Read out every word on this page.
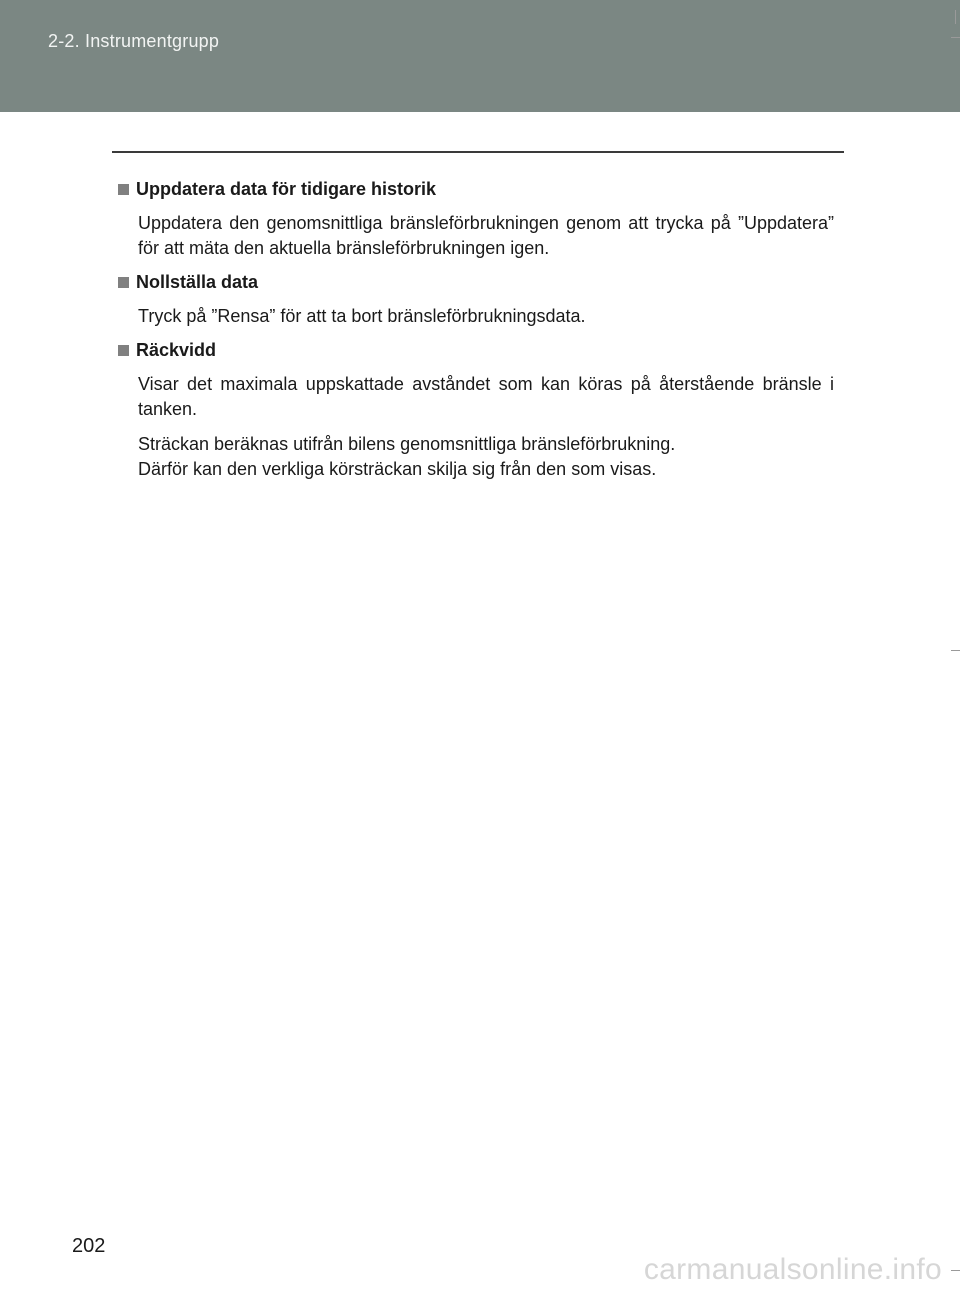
2-2. Instrumentgrupp
Uppdatera data för tidigare historik

Uppdatera den genomsnittliga bränsleförbrukningen genom att trycka på ”Uppdatera” för att mäta den aktuella bränsleförbrukningen igen.

Nollställa data

Tryck på ”Rensa” för att ta bort bränsleförbrukningsdata.

Räckvidd

Visar det maximala uppskattade avståndet som kan köras på återstående bränsle i tanken.

Sträckan beräknas utifrån bilens genomsnittliga bränsleförbrukning.
Därför kan den verkliga körsträckan skilja sig från den som visas.

202
carmanualsonline.info
